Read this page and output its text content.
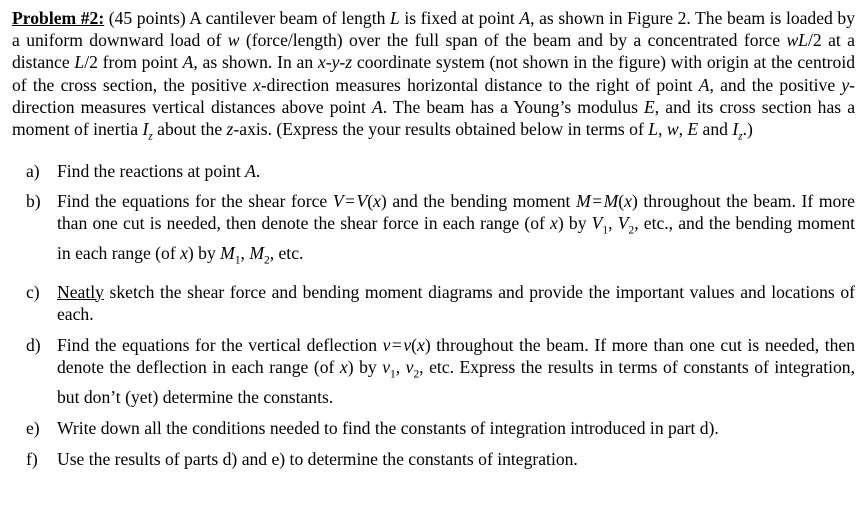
Problem #2: (45 points) A cantilever beam of length L is fixed at point A, as shown in Figure 2. The beam is loaded by a uniform downward load of w (force/length) over the full span of the beam and by a concentrated force wL/2 at a distance L/2 from point A, as shown. In an x-y-z coordinate system (not shown in the figure) with origin at the centroid of the cross section, the positive x-direction measures horizontal distance to the right of point A, and the positive y-direction measures vertical distances above point A. The beam has a Young’s modulus E, and its cross section has a moment of inertia $I_z$ about the z-axis. (Express the your results obtained below in terms of L, w, E and $I_z$.)

a) Find the reactions at point A.
b) Find the equations for the shear force V = V(x) and the bending moment M = M(x) throughout the beam. If more than one cut is needed, then denote the shear force in each range (of x) by $V_1$, $V_2$, etc., and the bending moment in each range (of x) by $M_1$, $M_2$, etc.
c) Neatly sketch the shear force and bending moment diagrams and provide the important values and locations of each.
d) Find the equations for the vertical deflection v = v(x) throughout the beam. If more than one cut is needed, then denote the deflection in each range (of x) by $v_1$, $v_2$, etc. Express the results in terms of constants of integration, but don’t (yet) determine the constants.
e) Write down all the conditions needed to find the constants of integration introduced in part d).
f) Use the results of parts d) and e) to determine the constants of integration.
